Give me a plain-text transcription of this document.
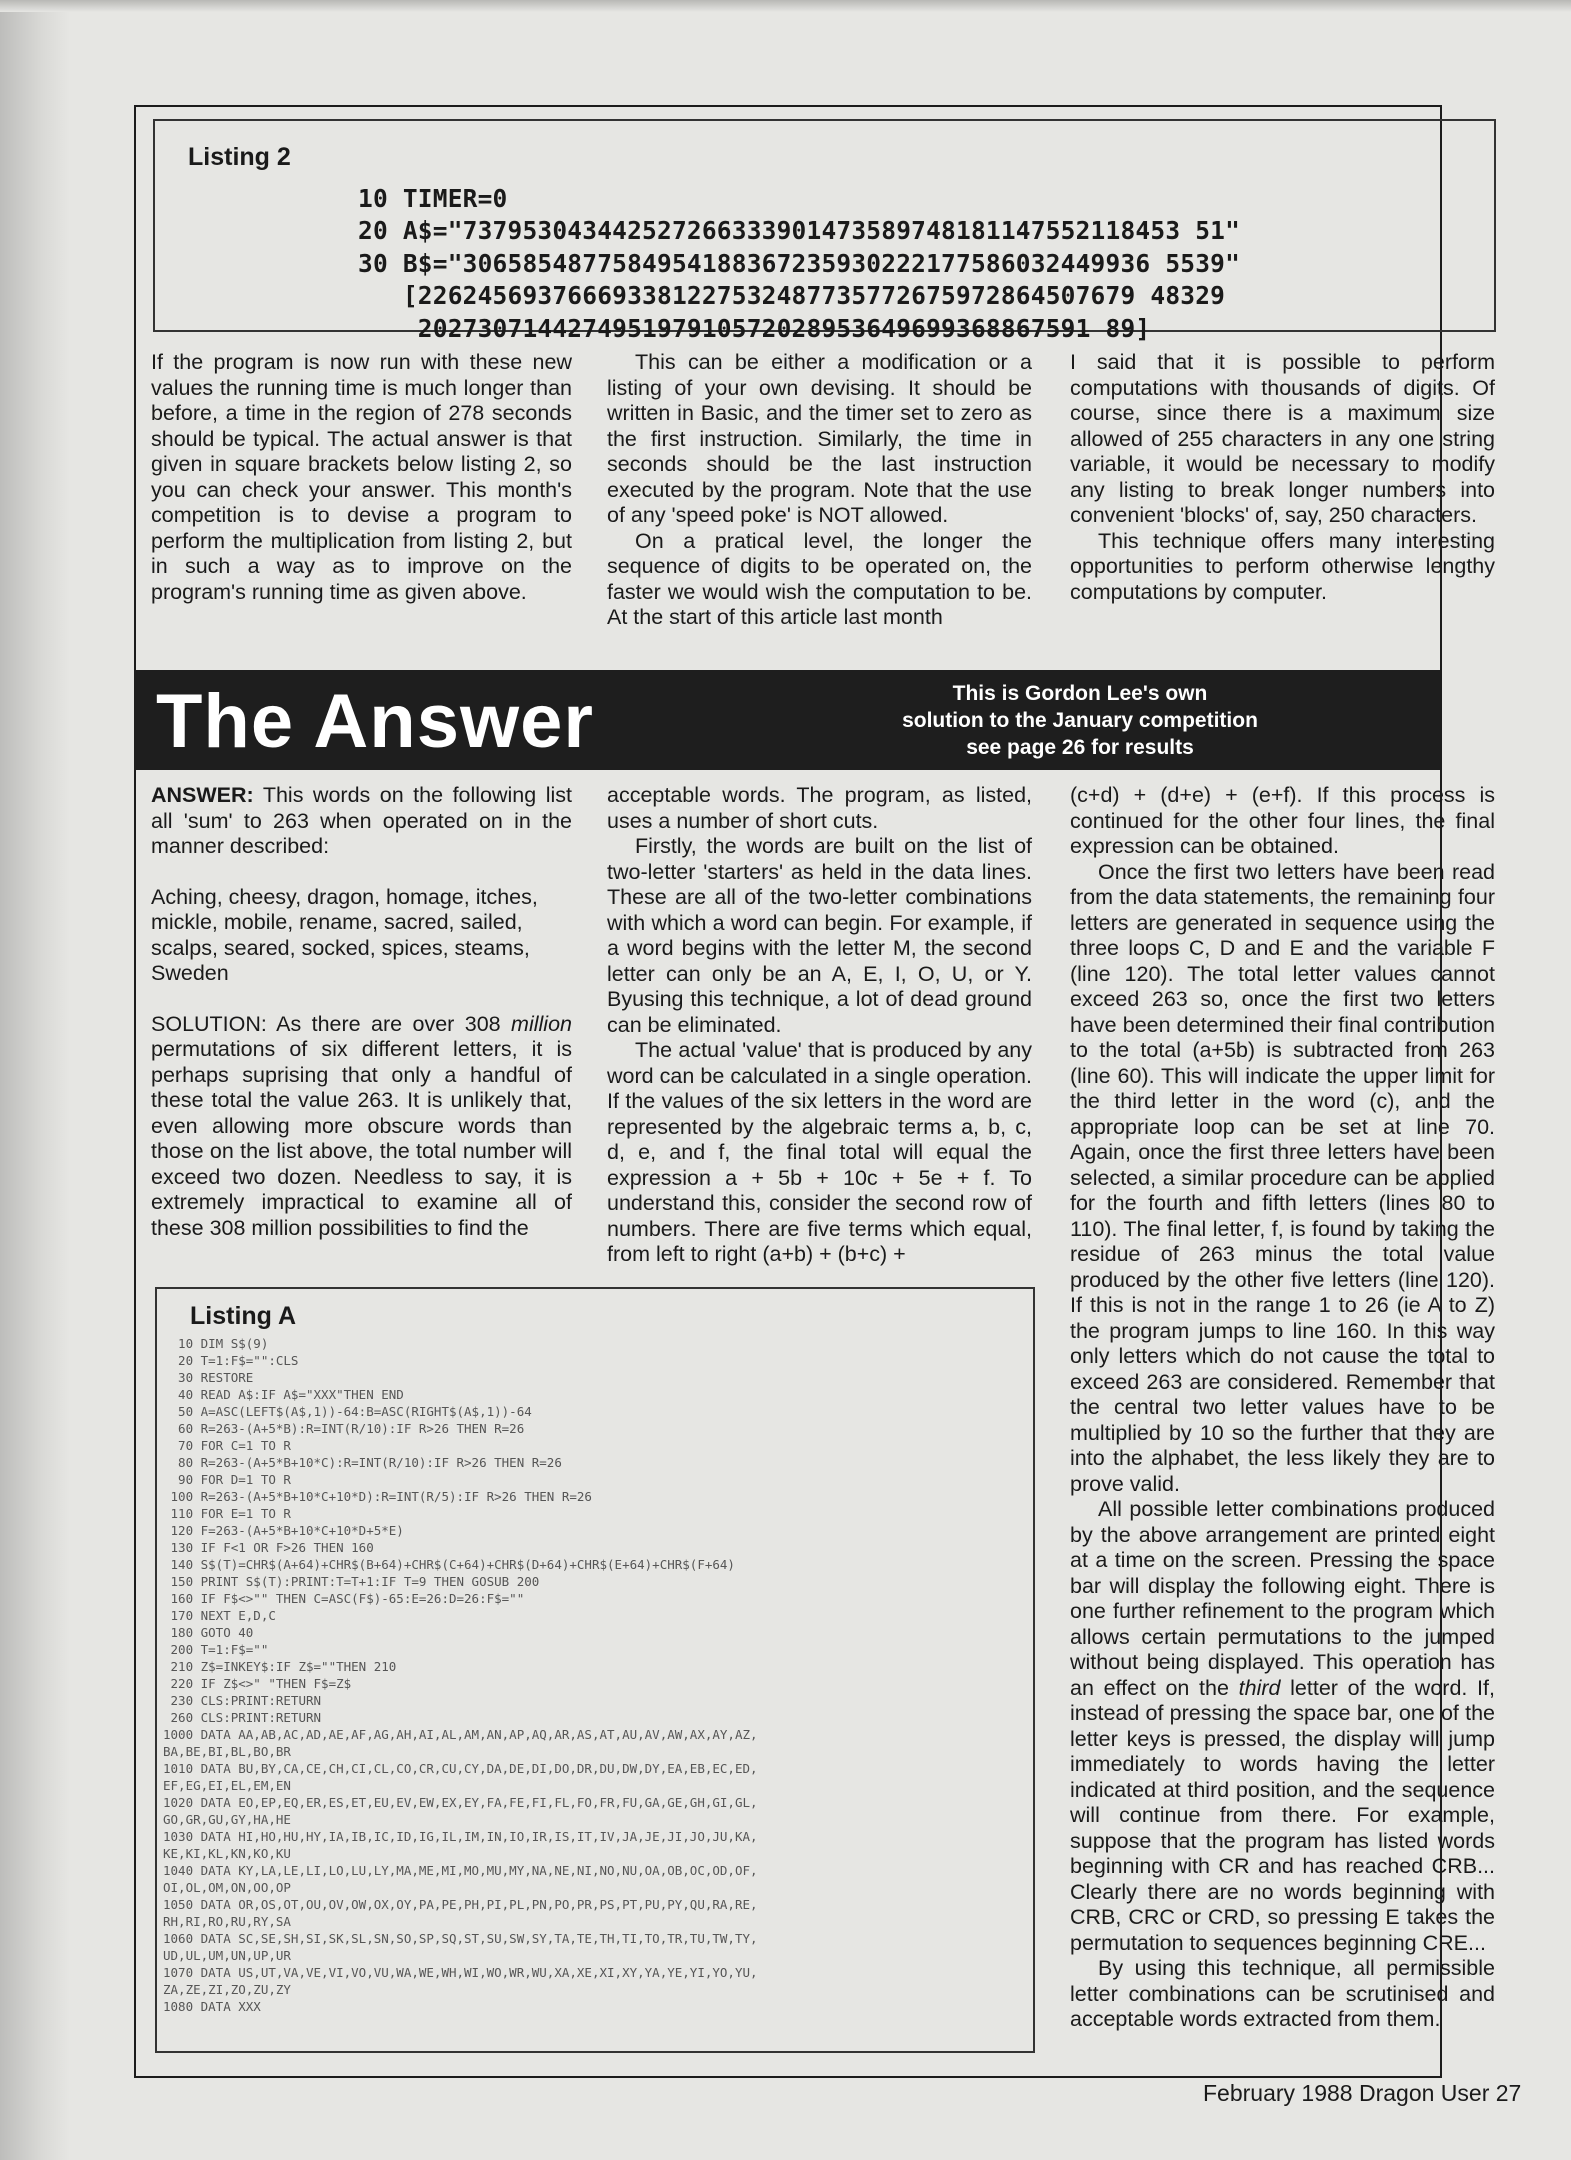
Listing 2

10 TIMER=0
20 A$="737953043442527266333901473589748181147552118453 51"
30 B$="3065854877584954188367235930222177586032449936 5539"
[226245693766693381227532487735772675972864507679 48329
202730714427495197910572028953649699368867591 89]

If the program is now run with these new values the running time is much longer than before, a time in the region of 278 seconds should be typical. The actual answer is that given in square brackets below listing 2, so you can check your answer. This month's competition is to devise a program to perform the multiplication from listing 2, but in such a way as to improve on the program's running time as given above.

This can be either a modification or a listing of your own devising. It should be written in Basic, and the timer set to zero as the first instruction. Similarly, the time in seconds should be the last instruction executed by the program. Note that the use of any 'speed poke' is NOT allowed.

On a pratical level, the longer the sequence of digits to be operated on, the faster we would wish the computation to be. At the start of this article last month

I said that it is possible to perform computations with thousands of digits. Of course, since there is a maximum size allowed of 255 characters in any one string variable, it would be necessary to modify any listing to break longer numbers into convenient 'blocks' of, say, 250 characters.

This technique offers many interesting opportunities to perform otherwise lengthy computations by computer.

The Answer	This is Gordon Lee's own
solution to the January competition
see page 26 for results

ANSWER: This words on the following list all 'sum' to 263 when operated on in the manner described:

Aching, cheesy, dragon, homage, itches, mickle, mobile, rename, sacred, sailed, scalps, seared, socked, spices, steams, Sweden

SOLUTION: As there are over 308 million permutations of six different letters, it is perhaps suprising that only a handful of these total the value 263. It is unlikely that, even allowing more obscure words than those on the list above, the total number will exceed two dozen. Needless to say, it is extremely impractical to examine all of these 308 million possibilities to find the

acceptable words. The program, as listed, uses a number of short cuts.

Firstly, the words are built on the list of two-letter 'starters' as held in the data lines. These are all of the two-letter combinations with which a word can begin. For example, if a word begins with the letter M, the second letter can only be an A, E, I, O, U, or Y. Byusing this technique, a lot of dead ground can be eliminated.

The actual 'value' that is produced by any word can be calculated in a single operation. If the values of the six letters in the word are represented by the algebraic terms a, b, c, d, e, and f, the final total will equal the expression a + 5b + 10c + 5e + f. To understand this, consider the second row of numbers. There are five terms which equal, from left to right (a+b) + (b+c) +

(c+d) + (d+e) + (e+f). If this process is continued for the other four lines, the final expression can be obtained.

Once the first two letters have been read from the data statements, the remaining four letters are generated in sequence using the three loops C, D and E and the variable F (line 120). The total letter values cannot exceed 263 so, once the first two letters have been determined their final contribution to the total (a+5b) is subtracted from 263 (line 60). This will indicate the upper limit for the third letter in the word (c), and the appropriate loop can be set at line 70. Again, once the first three letters have been selected, a similar procedure can be applied for the fourth and fifth letters (lines 80 to 110). The final letter, f, is found by taking the residue of 263 minus the total value produced by the other five letters (line 120). If this is not in the range 1 to 26 (ie A to Z) the program jumps to line 160. In this way only letters which do not cause the total to exceed 263 are considered. Remember that the central two letter values have to be multiplied by 10 so the further that they are into the alphabet, the less likely they are to prove valid.

All possible letter combinations produced by the above arrangement are printed eight at a time on the screen. Pressing the space bar will display the following eight. There is one further refinement to the program which allows certain permutations to the jumped without being displayed. This operation has an effect on the third letter of the word. If, instead of pressing the space bar, one of the letter keys is pressed, the display will jump immediately to words having the letter indicated at third position, and the sequence will continue from there. For example, suppose that the program has listed words beginning with CR and has reached CRB... Clearly there are no words beginning with CRB, CRC or CRD, so pressing E takes the permutation to sequences beginning CRE...

By using this technique, all permissible letter combinations can be scrutinised and acceptable words extracted from them.

Listing A
10 DIM S$(9)
20 T=1:F$="":CLS
30 RESTORE
40 READ A$:IF A$="XXX"THEN END
50 A=ASC(LEFT$(A$,1))-64:B=ASC(RIGHT$(A$,1))-64
60 R=263-(A+5*B):R=INT(R/10):IF R>26 THEN R=26
70 FOR C=1 TO R
80 R=263-(A+5*B+10*C):R=INT(R/10):IF R>26 THEN R=26
90 FOR D=1 TO R
100 R=263-(A+5*B+10*C+10*D):R=INT(R/5):IF R>26 THEN R=26
110 FOR E=1 TO R
120 F=263-(A+5*B+10*C+10*D+5*E)
130 IF F<1 OR F>26 THEN 160
140 S$(T)=CHR$(A+64)+CHR$(B+64)+CHR$(C+64)+CHR$(D+64)+CHR$(E+64)+CHR$(F+64)
150 PRINT S$(T):PRINT:T=T+1:IF T=9 THEN GOSUB 200
160 IF F$<>"" THEN C=ASC(F$)-65:E=26:D=26:F$=""
170 NEXT E,D,C
180 GOTO 40
200 T=1:F$=""
210 Z$=INKEY$:IF Z$=""THEN 210
220 IF Z$<>" "THEN F$=Z$
230 CLS:PRINT:RETURN
260 CLS:PRINT:RETURN
1000 DATA AA,AB,AC,AD,AE,AF,AG,AH,AI,AL,AM,AN,AP,AQ,AR,AS,AT,AU,AV,AW,AX,AY,AZ,
BA,BE,BI,BL,BO,BR
1010 DATA BU,BY,CA,CE,CH,CI,CL,CO,CR,CU,CY,DA,DE,DI,DO,DR,DU,DW,DY,EA,EB,EC,ED,
EF,EG,EI,EL,EM,EN
1020 DATA EO,EP,EQ,ER,ES,ET,EU,EV,EW,EX,EY,FA,FE,FI,FL,FO,FR,FU,GA,GE,GH,GI,GL,
GO,GR,GU,GY,HA,HE
1030 DATA HI,HO,HU,HY,IA,IB,IC,ID,IG,IL,IM,IN,IO,IR,IS,IT,IV,JA,JE,JI,JO,JU,KA,
KE,KI,KL,KN,KO,KU
1040 DATA KY,LA,LE,LI,LO,LU,LY,MA,ME,MI,MO,MU,MY,NA,NE,NI,NO,NU,OA,OB,OC,OD,OF,
OI,OL,OM,ON,OO,OP
1050 DATA OR,OS,OT,OU,OV,OW,OX,OY,PA,PE,PH,PI,PL,PN,PO,PR,PS,PT,PU,PY,QU,RA,RE,
RH,RI,RO,RU,RY,SA
1060 DATA SC,SE,SH,SI,SK,SL,SN,SO,SP,SQ,ST,SU,SW,SY,TA,TE,TH,TI,TO,TR,TU,TW,TY,
UD,UL,UM,UN,UP,UR
1070 DATA US,UT,VA,VE,VI,VO,VU,WA,WE,WH,WI,WO,WR,WU,XA,XE,XI,XY,YA,YE,YI,YO,YU,
ZA,ZE,ZI,ZO,ZU,ZY
1080 DATA XXX
February 1988 Dragon User 27
